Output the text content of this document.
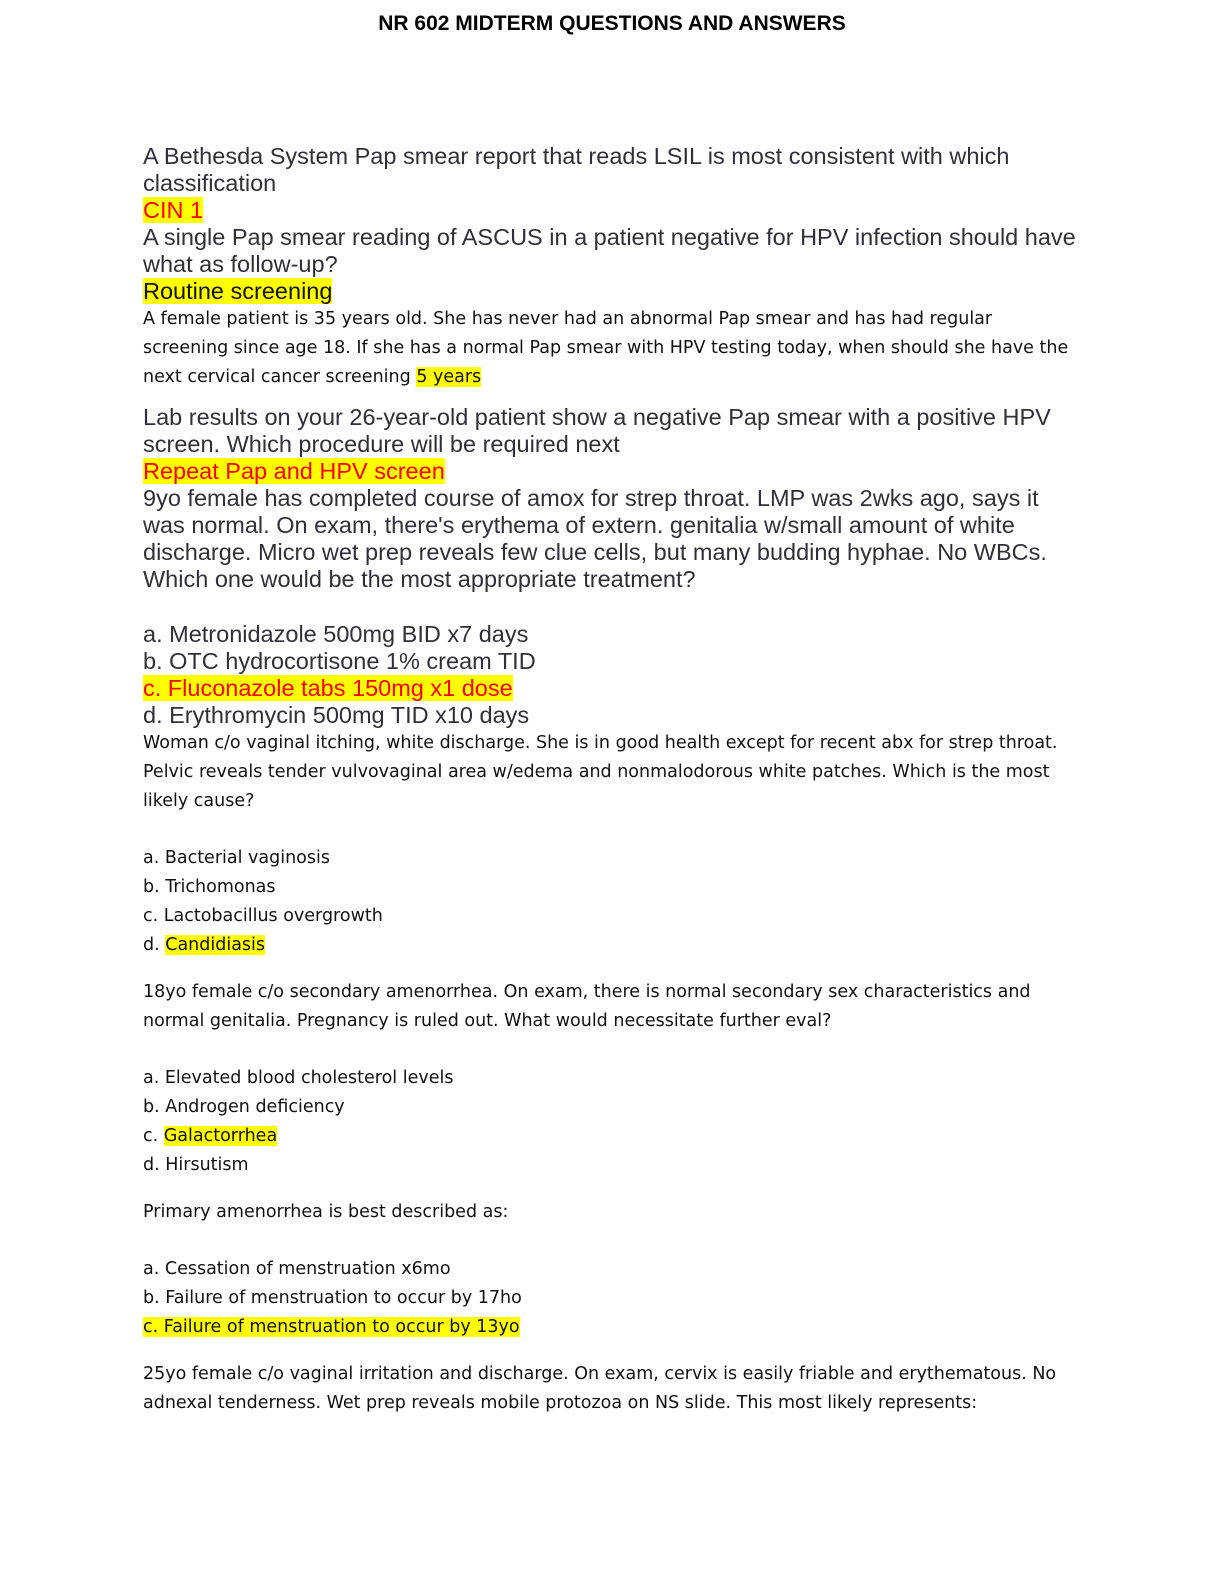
NR 602 MIDTERM QUESTIONS AND ANSWERS

A Bethesda System Pap smear report that reads LSIL is most consistent with which classification

CIN 1

A single Pap smear reading of ASCUS in a patient negative for HPV infection should have what as follow-up?

Routine screening

A female patient is 35 years old. She has never had an abnormal Pap smear and has had regular screening since age 18. If she has a normal Pap smear with HPV testing today, when should she have the next cervical cancer screening 5 years

Lab results on your 26-year-old patient show a negative Pap smear with a positive HPV screen. Which procedure will be required next

Repeat Pap and HPV screen

9yo female has completed course of amox for strep throat. LMP was 2wks ago, says it was normal. On exam, there's erythema of extern. genitalia w/small amount of white discharge. Micro wet prep reveals few clue cells, but many budding hyphae. No WBCs. Which one would be the most appropriate treatment?

a. Metronidazole 500mg BID x7 days

b. OTC hydrocortisone 1% cream TID

c. Fluconazole tabs 150mg x1 dose

d. Erythromycin 500mg TID x10 days

Woman c/o vaginal itching, white discharge. She is in good health except for recent abx for strep throat. Pelvic reveals tender vulvovaginal area w/edema and nonmalodorous white patches. Which is the most likely cause?

a. Bacterial vaginosis

b. Trichomonas

c. Lactobacillus overgrowth

d. Candidiasis

18yo female c/o secondary amenorrhea. On exam, there is normal secondary sex characteristics and normal genitalia. Pregnancy is ruled out. What would necessitate further eval?

a. Elevated blood cholesterol levels

b. Androgen deficiency

c. Galactorrhea

d. Hirsutism

Primary amenorrhea is best described as:

a. Cessation of menstruation x6mo

b. Failure of menstruation to occur by 17ho

c. Failure of menstruation to occur by 13yo

25yo female c/o vaginal irritation and discharge. On exam, cervix is easily friable and erythematous. No adnexal tenderness. Wet prep reveals mobile protozoa on NS slide. This most likely represents:
